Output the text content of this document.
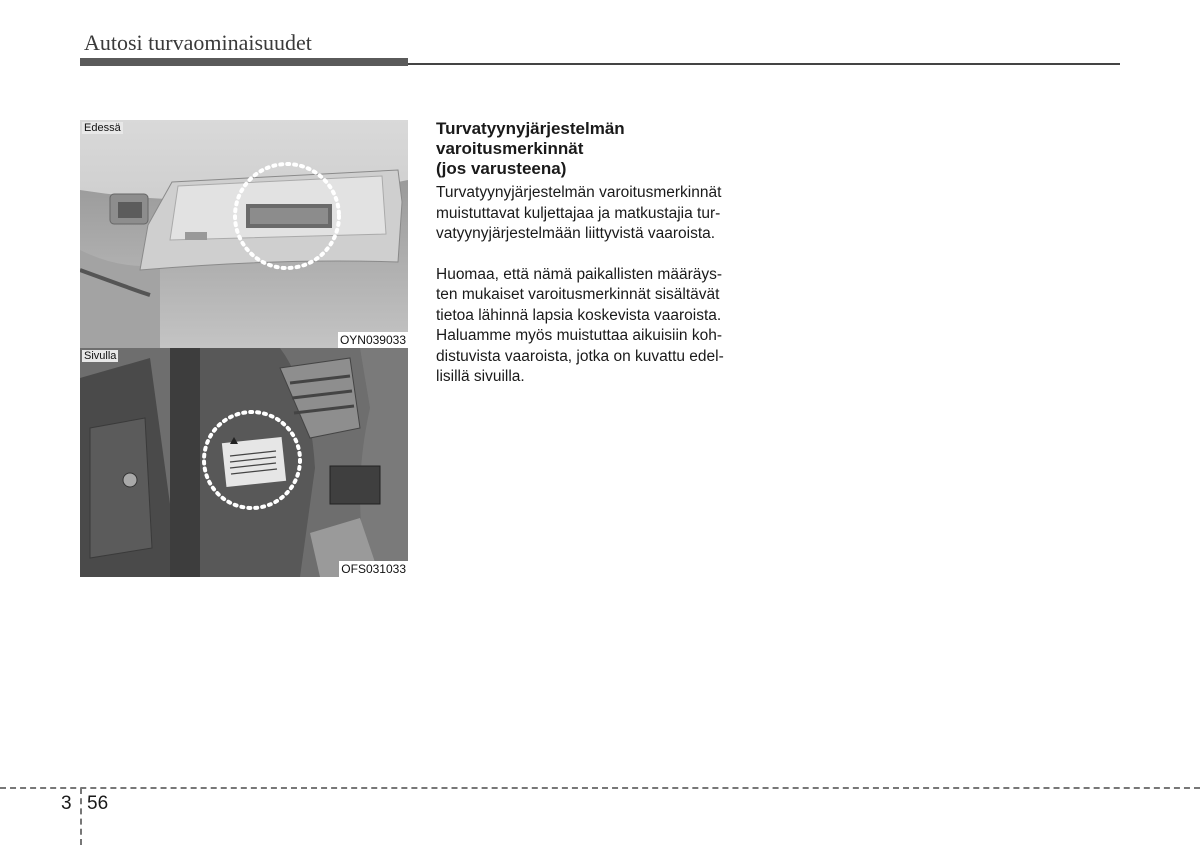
Autosi turvaominaisuudet
Edessä
OYN039033
Sivulla
OFS031033
Turvatyynyjärjestelmän
varoitusmerkinnät
(jos varusteena)

Turvatyynyjärjestelmän varoitusmerkinnät
muistuttavat kuljettajaa ja matkustajia tur-
vatyynyjärjestelmään liittyvistä vaaroista.

Huomaa, että nämä paikallisten määräys-
ten mukaiset varoitusmerkinnät sisältävät
tietoa lähinnä lapsia koskevista vaaroista.
Haluamme myös muistuttaa aikuisiin koh-
distuvista vaaroista, jotka on kuvattu edel-
lisillä sivuilla.

3 56
